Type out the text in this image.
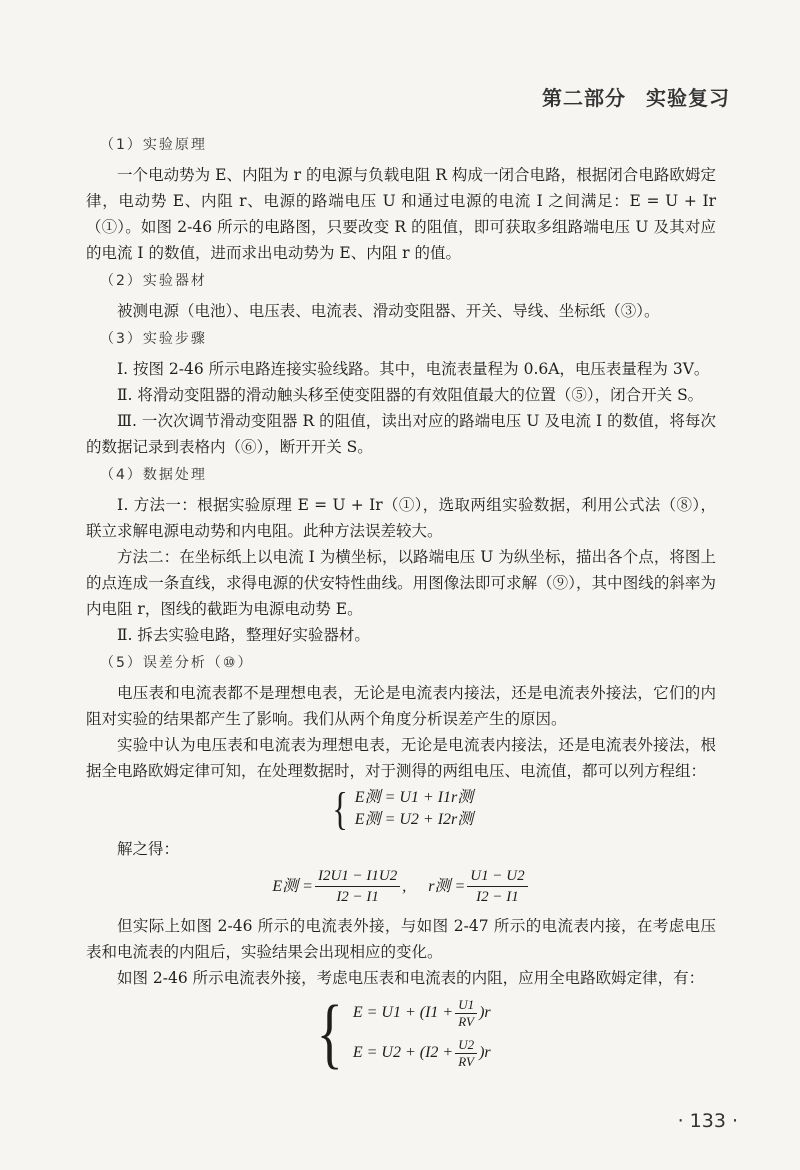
第二部分 实验复习
（1）实验原理

一个电动势为 E、内阻为 r 的电源与负载电阻 R 构成一闭合电路，根据闭合电路欧姆定律，电动势 E、内阻 r、电源的路端电压 U 和通过电源的电流 I 之间满足：E = U + Ir（①）。如图 2-46 所示的电路图，只要改变 R 的阻值，即可获取多组路端电压 U 及其对应的电流 I 的数值，进而求出电动势为 E、内阻 r 的值。

（2）实验器材

被测电源（电池）、电压表、电流表、滑动变阻器、开关、导线、坐标纸（③）。

（3）实验步骤

Ⅰ. 按图 2-46 所示电路连接实验线路。其中，电流表量程为 0.6A，电压表量程为 3V。

Ⅱ. 将滑动变阻器的滑动触头移至使变阻器的有效阻值最大的位置（⑤），闭合开关 S。

Ⅲ. 一次次调节滑动变阻器 R 的阻值，读出对应的路端电压 U 及电流 I 的数值，将每次的数据记录到表格内（⑥），断开开关 S。

（4）数据处理

Ⅰ. 方法一：根据实验原理 E = U + Ir（①），选取两组实验数据，利用公式法（⑧），联立求解电源电动势和内电阻。此种方法误差较大。

方法二：在坐标纸上以电流 I 为横坐标，以路端电压 U 为纵坐标，描出各个点，将图上的点连成一条直线，求得电源的伏安特性曲线。用图像法即可求解（⑨），其中图线的斜率为内电阻 r，图线的截距为电源电动势 E。

Ⅱ. 拆去实验电路，整理好实验器材。

（5）误差分析（⑩）

电压表和电流表都不是理想电表，无论是电流表内接法，还是电流表外接法，它们的内阻对实验的结果都产生了影响。我们从两个角度分析误差产生的原因。

实验中认为电压表和电流表为理想电表，无论是电流表内接法，还是电流表外接法，根据全电路欧姆定律可知，在处理数据时，对于测得的两组电压、电流值，都可以列方程组：

{ E测 = U1 + I1r测
E测 = U2 + I2r测

解之得：

E测 = $\frac{I2U1 - I1U2}{I2 - I1}$ ,	r测 = $\frac{U1 - U2}{I2 - I1}$

但实际上如图 2-46 所示的电流表外接，与如图 2-47 所示的电流表内接，在考虑电压表和电流表的内阻后，实验结果会出现相应的变化。

如图 2-46 所示电流表外接，考虑电压表和电流表的内阻，应用全电路欧姆定律，有：

{ $E = U1 + (I1 + \frac{U1}{RV} )r$
$E = U2 + (I2 + \frac{U2}{RV} )r$
· 133 ·
